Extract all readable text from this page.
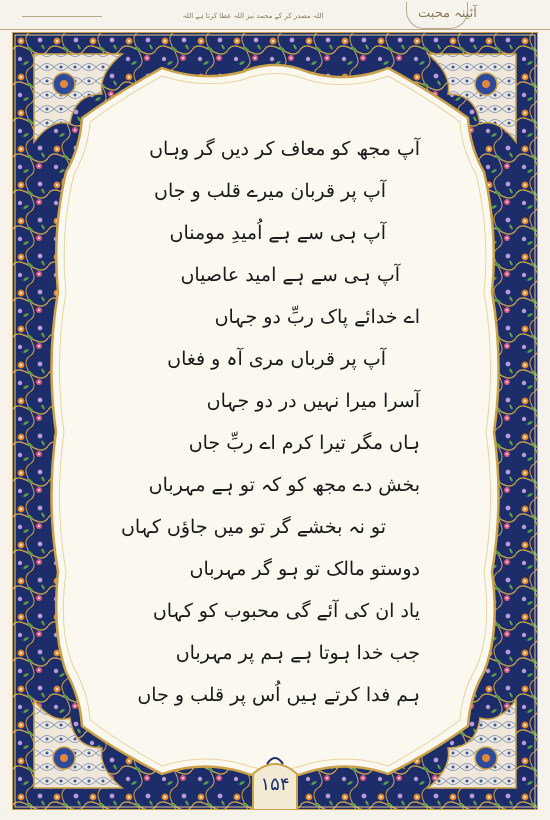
اللہ مصدر کر کے محمد نیز اللہ عطا کرتا ہے اللہ	آئینہ محبت
آپ مجھ کو معاف کر دیں گر وہاں
آپ پر قربان میرے قلب و جاں
آپ ہی سے ہے اُمیدِ مومناں
آپ ہی سے ہے امید عاصیاں
اے خدائے پاک ربِّ دو جہاں
آپ پر قرباں مری آہ و فغاں
آسرا میرا نہیں در دو جہاں
ہاں مگر تیرا کرم اے ربِّ جاں
بخش دے مجھ کو کہ تو ہے مہرباں
تو نہ بخشے گر تو میں جاؤں کہاں
دوستو مالک تو ہو گر مہرباں
یاد ان کی آئے گی محبوب کو کہاں
جب خدا ہوتا ہے ہم پر مہرباں
ہم فدا کرتے ہیں اُس پر قلب و جاں
۱۵۴
